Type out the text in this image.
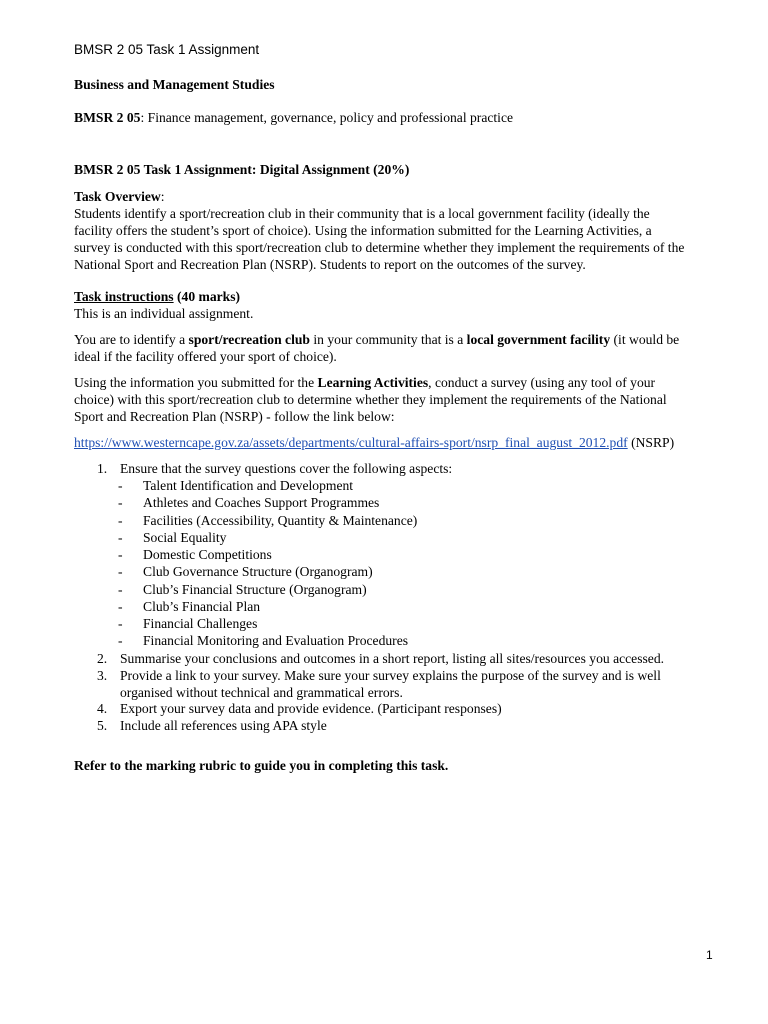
BMSR 2 05 Task 1 Assignment
Business and Management Studies
BMSR 2 05: Finance management, governance, policy and professional practice
BMSR 2 05 Task 1 Assignment: Digital Assignment (20%)
Task Overview:
Students identify a sport/recreation club in their community that is a local government facility (ideally the
facility offers the student’s sport of choice). Using the information submitted for the Learning Activities, a
survey is conducted with this sport/recreation club to determine whether they implement the requirements of the
National Sport and Recreation Plan (NSRP). Students to report on the outcomes of the survey.
Task instructions (40 marks)
This is an individual assignment.
You are to identify a sport/recreation club in your community that is a local government facility (it would be
ideal if the facility offered your sport of choice).
Using the information you submitted for the Learning Activities, conduct a survey (using any tool of your
choice) with this sport/recreation club to determine whether they implement the requirements of the National
Sport and Recreation Plan (NSRP) - follow the link below:
https://www.westerncape.gov.za/assets/departments/cultural-affairs-sport/nsrp_final_august_2012.pdf (NSRP)
1. Ensure that the survey questions cover the following aspects:
- Talent Identification and Development
- Athletes and Coaches Support Programmes
- Facilities (Accessibility, Quantity & Maintenance)
- Social Equality
- Domestic Competitions
- Club Governance Structure (Organogram)
- Club’s Financial Structure (Organogram)
- Club’s Financial Plan
- Financial Challenges
- Financial Monitoring and Evaluation Procedures
2. Summarise your conclusions and outcomes in a short report, listing all sites/resources you accessed.
3. Provide a link to your survey. Make sure your survey explains the purpose of the survey and is well
organised without technical and grammatical errors.
4. Export your survey data and provide evidence. (Participant responses)
5. Include all references using APA style
Refer to the marking rubric to guide you in completing this task.
1
